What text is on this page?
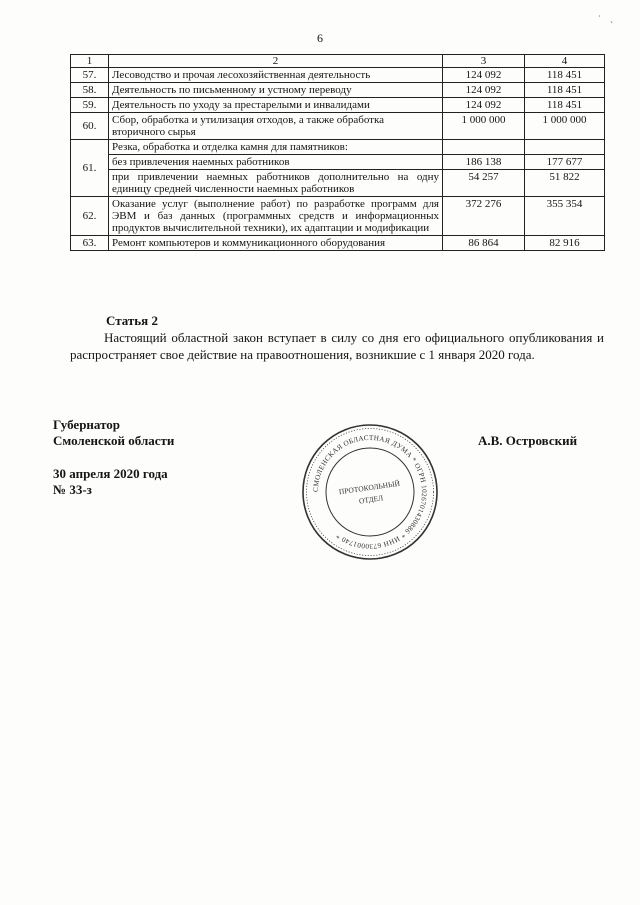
6
1	2	3	4
57.	Лесоводство и прочая лесохозяйственная деятельность	124 092	118 451
58.	Деятельность по письменному и устному переводу	124 092	118 451
59.	Деятельность по уходу за престарелыми и инвалидами	124 092	118 451
60.	Сбор, обработка и утилизация отходов, а также обработка вторичного сырья	1 000 000	1 000 000
61.	Резка, обработка и отделка камня для памятников:		
	без привлечения наемных работников	186 138	177 677
	при привлечении наемных работников дополнительно на одну единицу средней численности наемных работников	54 257	51 822
62.	Оказание услуг (выполнение работ) по разработке программ для ЭВМ и баз данных (программных средств и информационных продуктов вычислительной техники), их адаптации и модификации	372 276	355 354
63.	Ремонт компьютеров и коммуникационного оборудования	86 864	82 916
Статья 2
Настоящий областной закон вступает в силу со дня его официального опубликования и распространяет свое действие на правоотношения, возникшие с 1 января 2020 года.
Губернатор
Смоленской области	А.В. Островский
30 апреля 2020 года
№ 33-з	СМОЛЕНСКАЯ ОБЛАСТНАЯ ДУМА * ОГРН 1026701430886 * ИНН 6730001740 *
ПРОТОКОЛЬНЫЙ
ОТДЕЛ
˙
`
